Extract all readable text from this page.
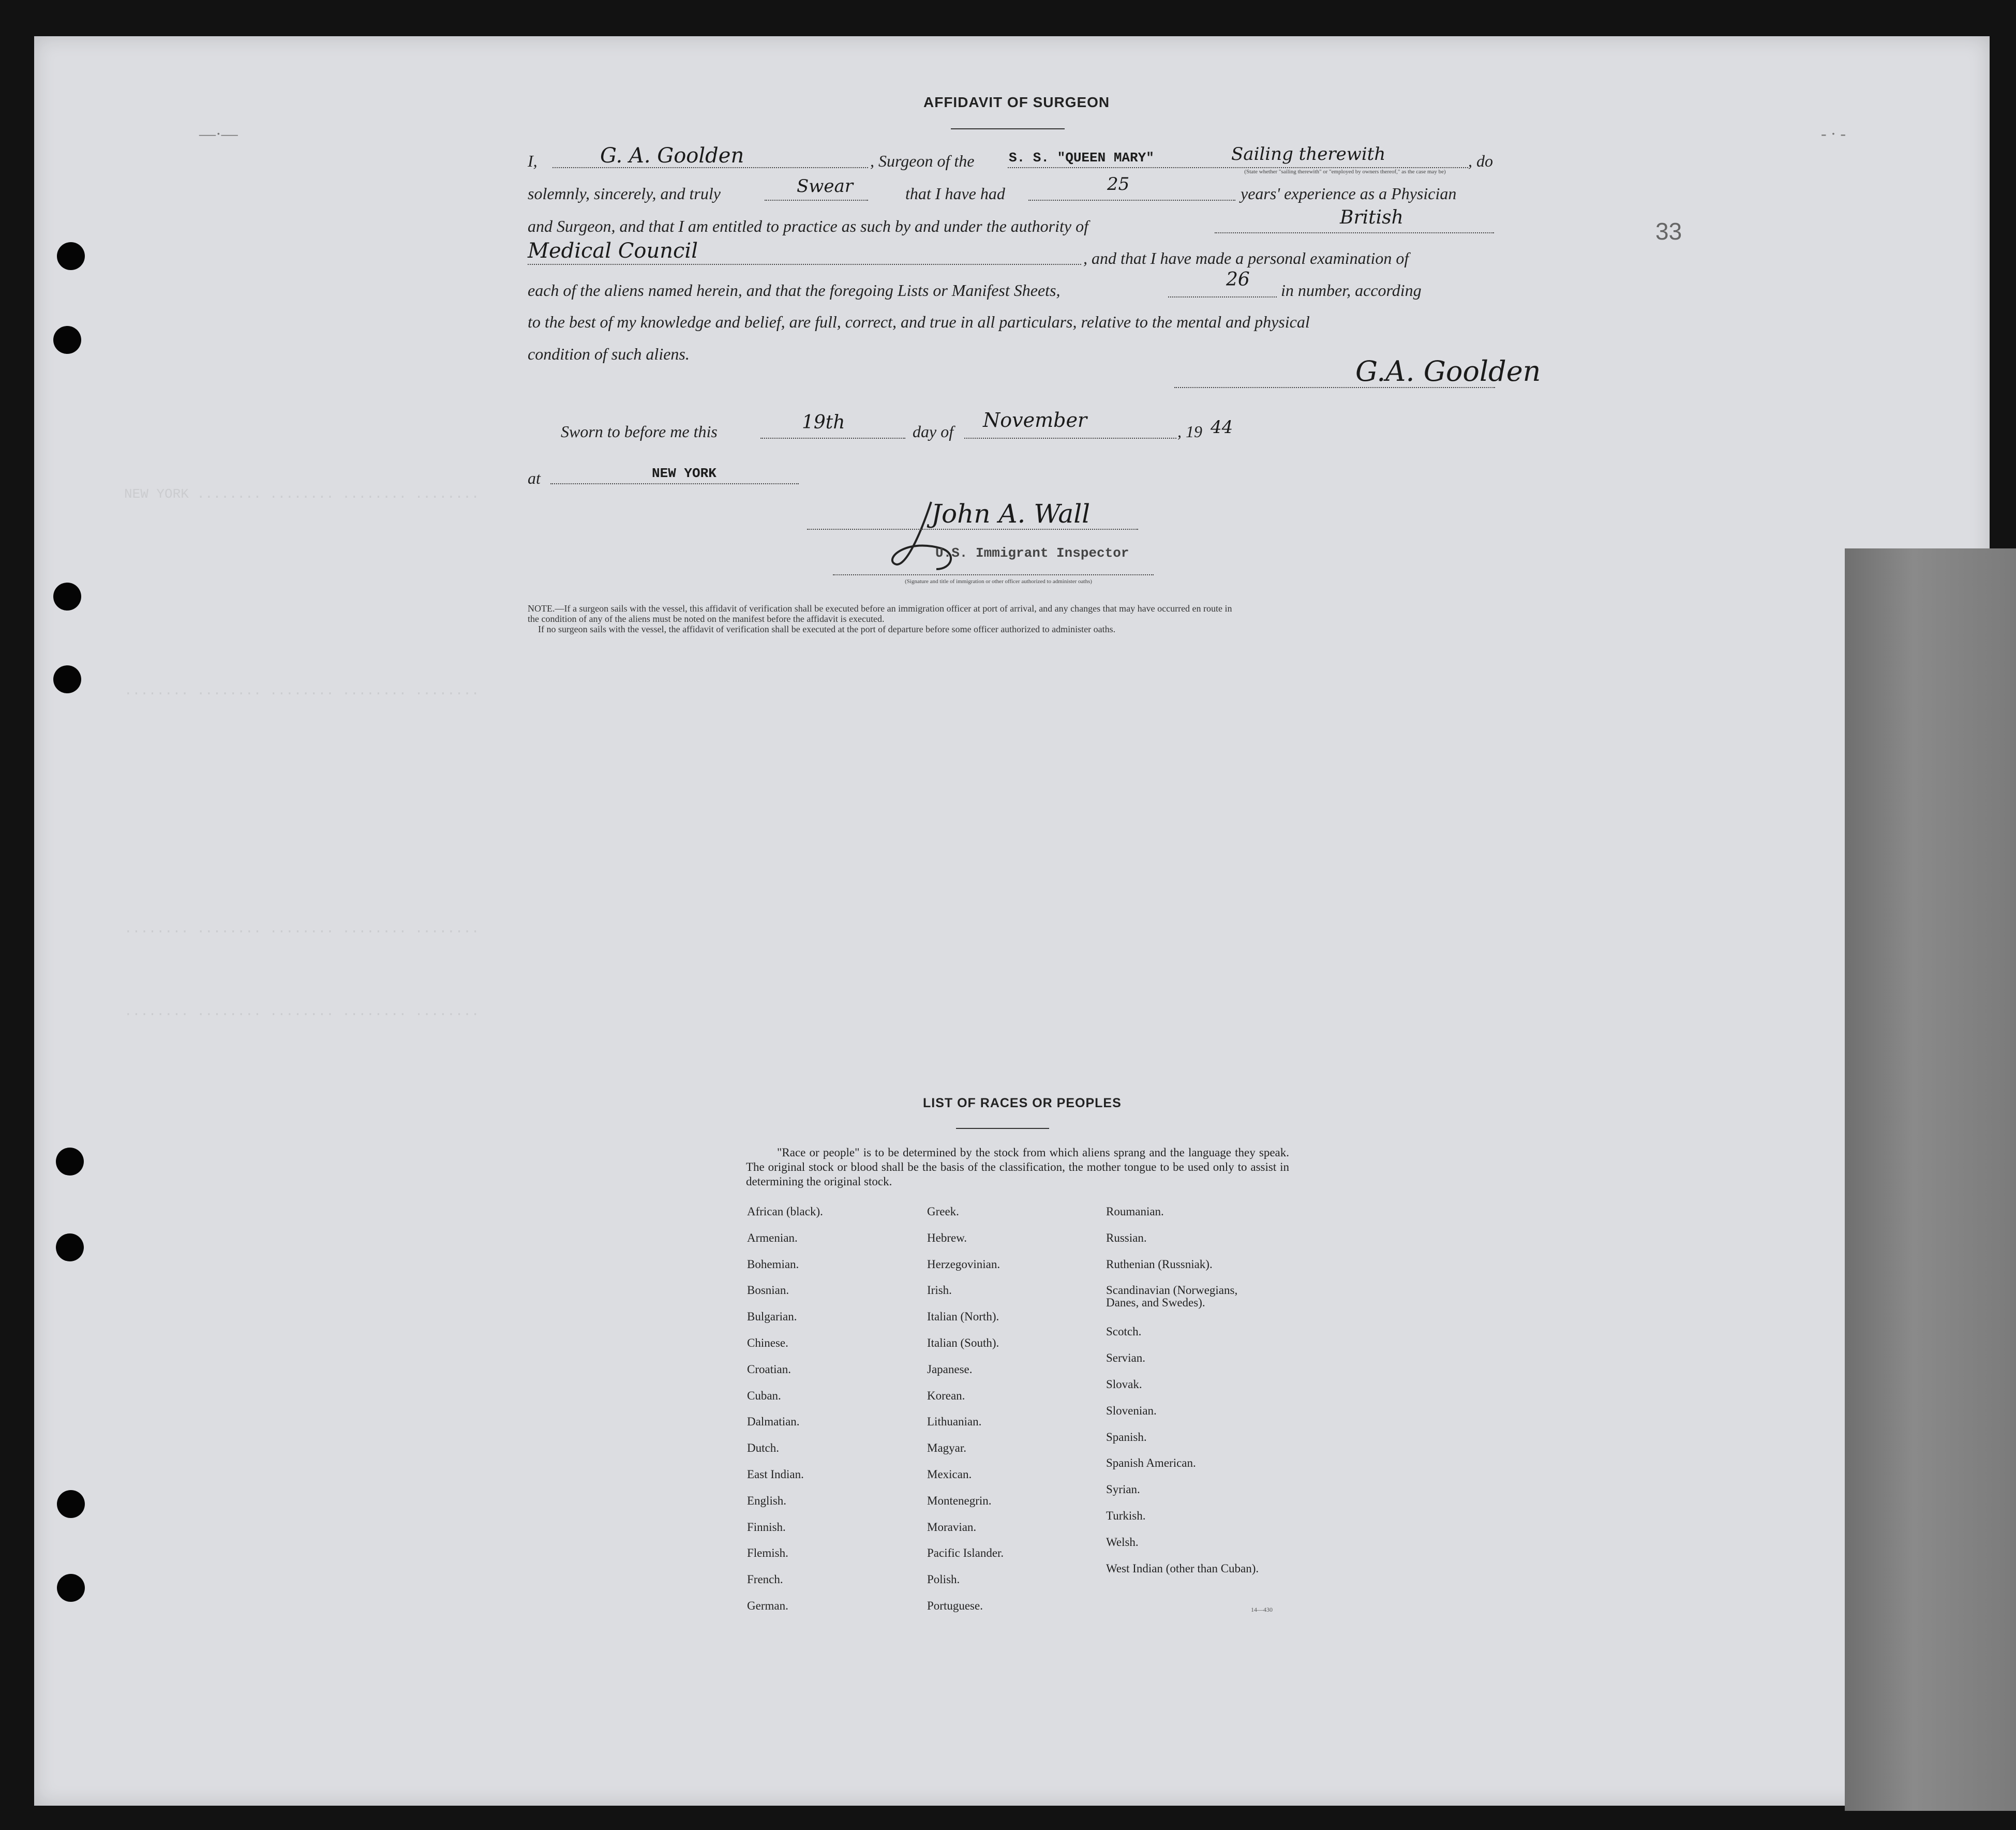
NEW YORK ........ ........ ........ ........
........ ........ ........ ........ ........
........ ........ ........ ........ ........
........ ........ ........ ........ ........
33
—·—	- · -
AFFIDAVIT OF SURGEON
I,	G. A. Goolden	, Surgeon of the	S. S. "QUEEN MARY"	Sailing therewith
(State whether "sailing therewith" or "employed by owners thereof," as the case may be)
, do
solemnly, sincerely, and truly	Swear	that I have had	25	years' experience as a Physician
and Surgeon, and that I am entitled to practice as such by and under the authority of	British
Medical Council	, and that I have made a personal examination of
each of the aliens named herein, and that the foregoing Lists or Manifest Sheets,	26 in number, according
to the best of my knowledge and belief, are full, correct, and true in all particulars, relative to the mental and physical
condition of such aliens.
G.A. Goolden
Sworn to before me this	19th	day of November	, 19 44
at	NEW YORK
John A. Wall
U.S. Immigrant Inspector
(Signature and title of immigration or other officer authorized to administer oaths)
NOTE.—If a surgeon sails with the vessel, this affidavit of verification shall be executed before an immigration officer at port of arrival, and any changes that may have occurred en route in
the condition of any of the aliens must be noted on the manifest before the affidavit is executed.
If no surgeon sails with the vessel, the affidavit of verification shall be executed at the port of departure before some officer authorized to administer oaths.
LIST OF RACES OR PEOPLES
"Race or people" is to be determined by the stock from which aliens sprang and the language they speak. The original stock or blood shall be the basis of the classification, the mother tongue to be used only to assist in determining the original stock.
African (black).
Armenian.
Bohemian.
Bosnian.
Bulgarian.
Chinese.
Croatian.
Cuban.
Dalmatian.
Dutch.
East Indian.
English.
Finnish.
Flemish.
French.
German.
Greek.
Hebrew.
Herzegovinian.
Irish.
Italian (North).
Italian (South).
Japanese.
Korean.
Lithuanian.
Magyar.
Mexican.
Montenegrin.
Moravian.
Pacific Islander.
Polish.
Portuguese.
Roumanian.
Russian.
Ruthenian (Russniak).
Scandinavian (Norwegians, Danes, and Swedes).
Scotch.
Servian.
Slovak.
Slovenian.
Spanish.
Spanish American.
Syrian.
Turkish.
Welsh.
West Indian (other than Cuban).
14—430
